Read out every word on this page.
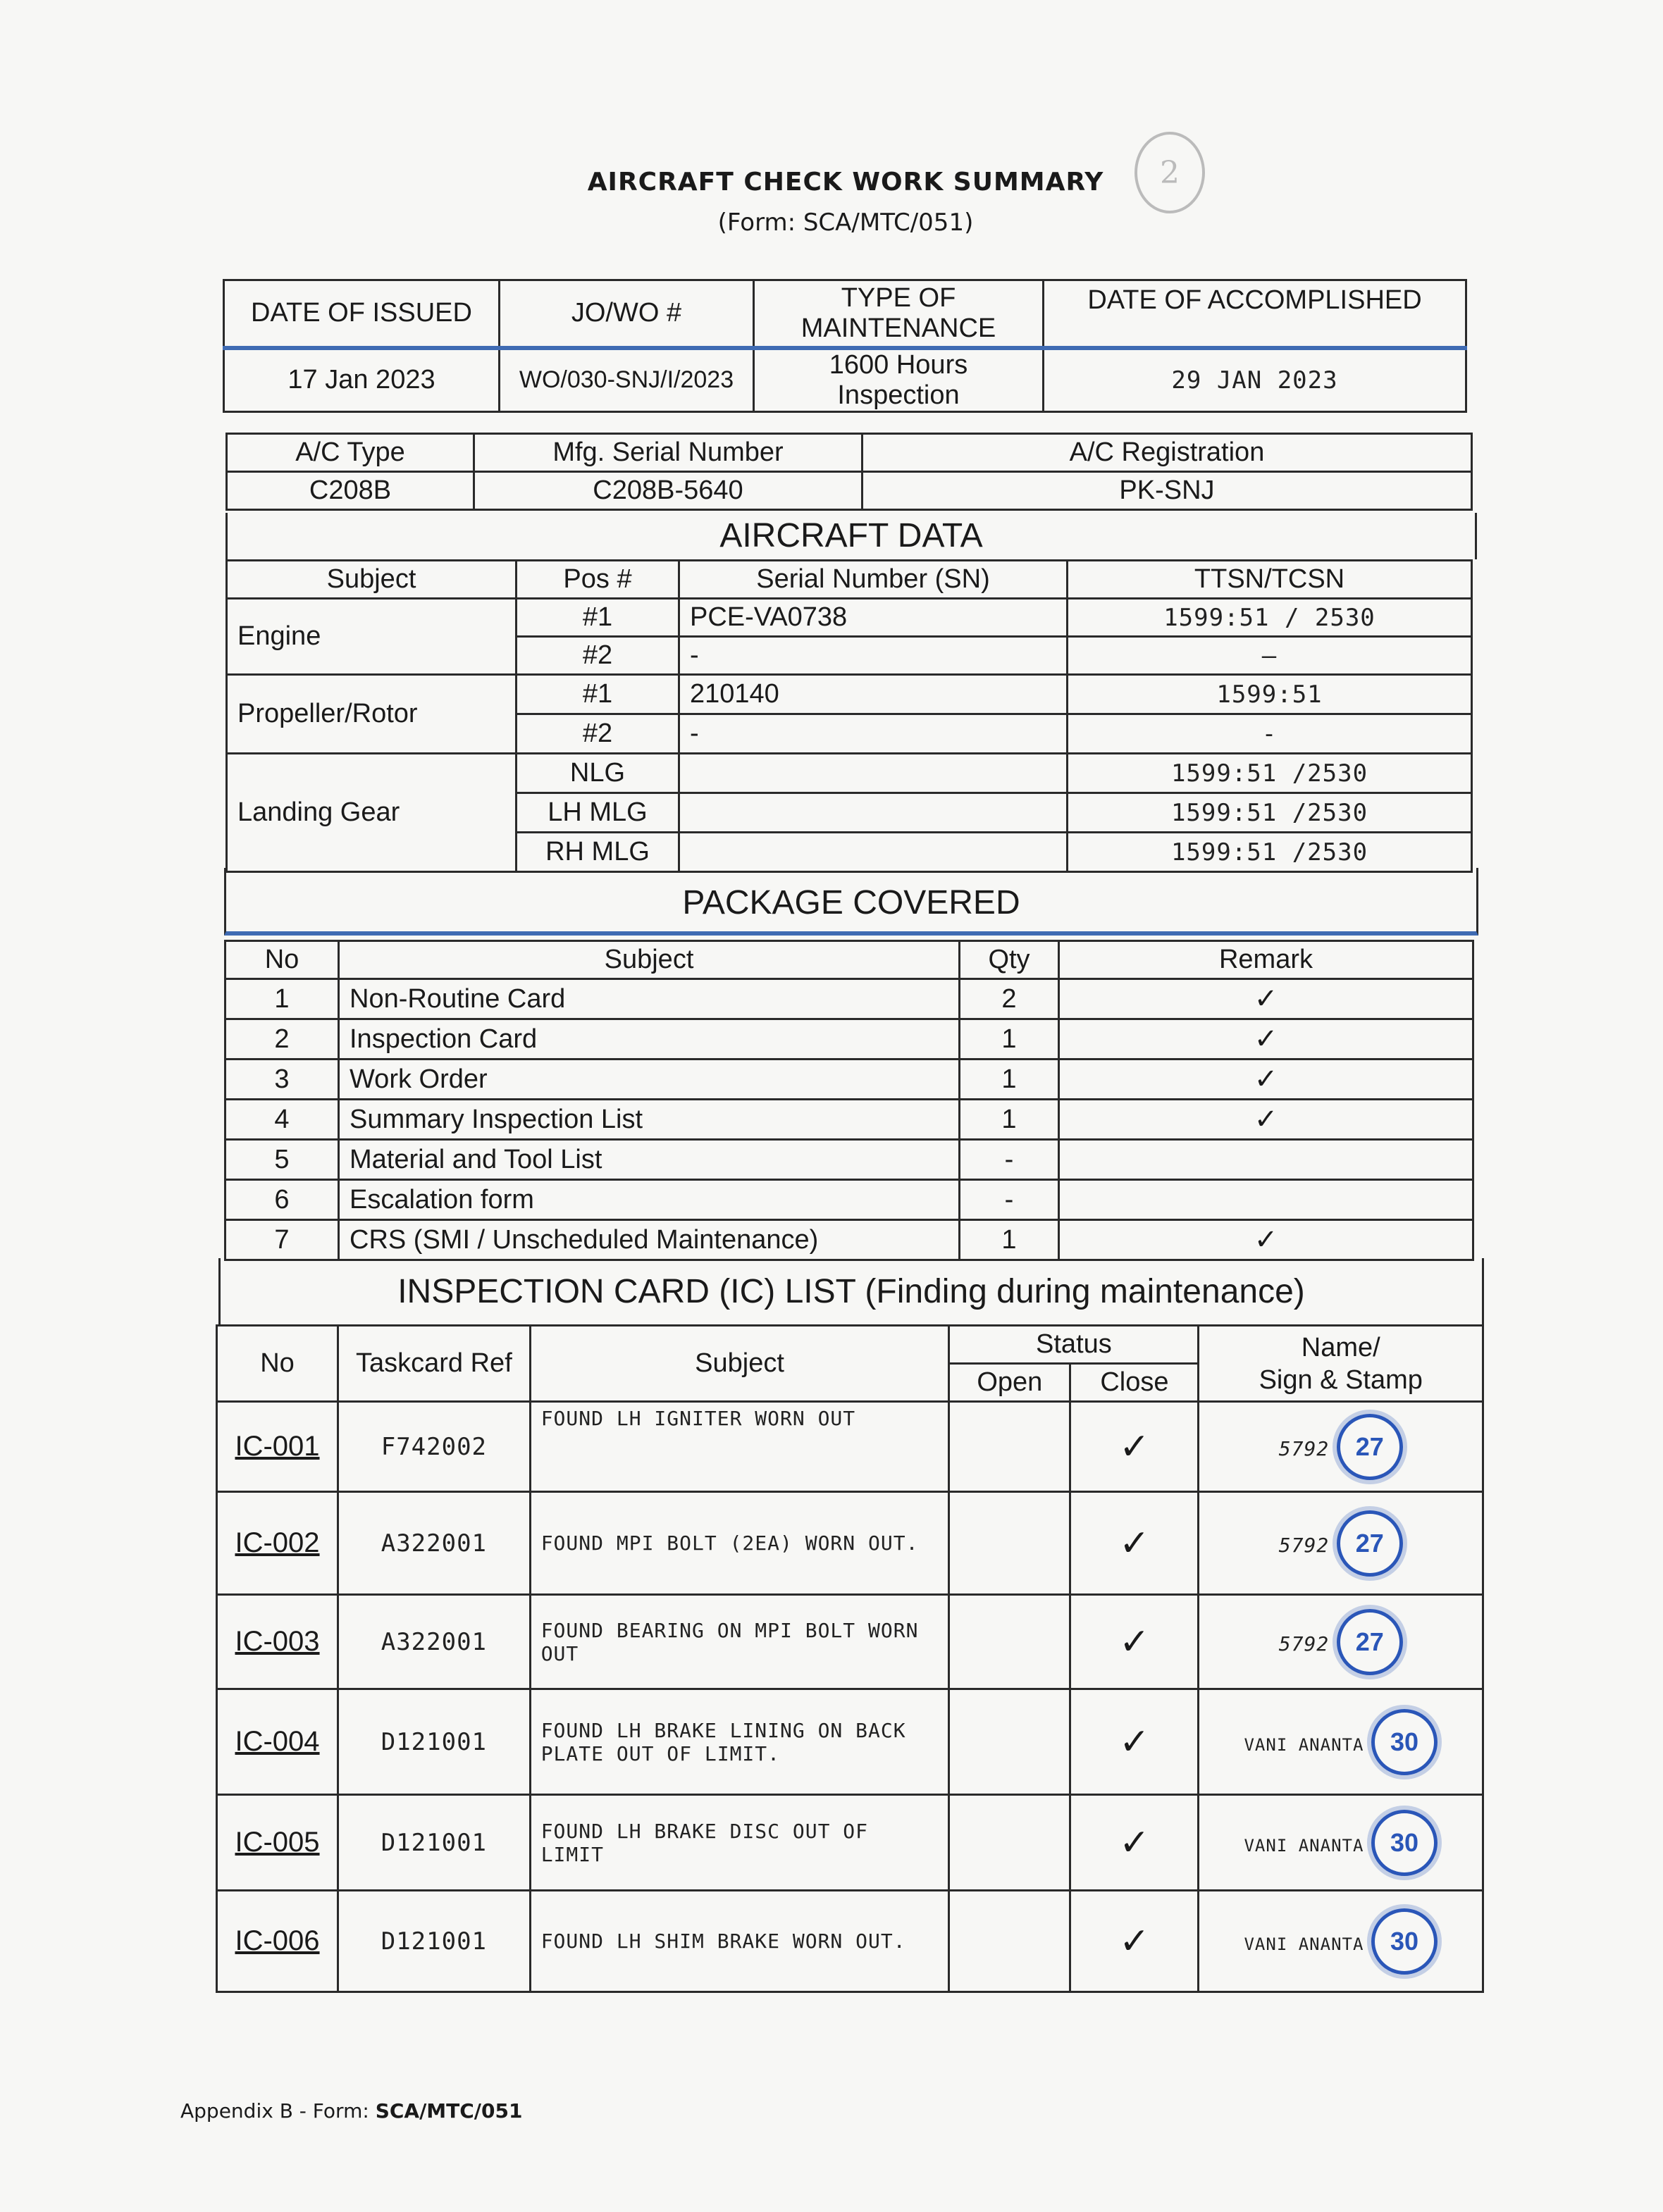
AIRCRAFT CHECK WORK SUMMARY
(Form: SCA/MTC/051)
2
DATE OF ISSUED	JO/WO #	TYPE OF MAINTENANCE	DATE OF ACCOMPLISHED
17 Jan 2023	WO/030-SNJ/I/2023	1600 Hours Inspection	29 JAN 2023
A/C Type	Mfg. Serial Number	A/C Registration
C208B	C208B-5640	PK-SNJ
AIRCRAFT DATA
Subject	Pos #	Serial Number (SN)	TTSN/TCSN
Engine	#1	PCE-VA0738	1599:51 / 2530
	#2	-	—
Propeller/Rotor	#1	210140	1599:51
	#2	-	-
Landing Gear	NLG		1599:51 /2530
	LH MLG		1599:51 /2530
	RH MLG		1599:51 /2530
PACKAGE COVERED
No	Subject	Qty	Remark
1	Non-Routine Card	2	✓
2	Inspection Card	1	✓
3	Work Order	1	✓
4	Summary Inspection List	1	✓
5	Material and Tool List	-	
6	Escalation form	-	
7	CRS (SMI / Unscheduled Maintenance)	1	✓
INSPECTION CARD (IC) LIST (Finding during maintenance)
No	Taskcard Ref	Subject	Status		Name/
Sign & Stamp
			Open	Close	
IC-001	F742002	FOUND LH IGNITER WORN OUT		✓	5792 27
IC-002	A322001	FOUND MPI BOLT (2EA) WORN OUT.		✓	5792 27
IC-003	A322001	FOUND BEARING ON MPI BOLT WORN OUT		✓	5792 27
IC-004	D121001	FOUND LH BRAKE LINING ON BACK PLATE OUT OF LIMIT.		✓	VANI ANANTA 30
IC-005	D121001	FOUND LH BRAKE DISC OUT OF LIMIT		✓	VANI ANANTA 30
IC-006	D121001	FOUND LH SHIM BRAKE WORN OUT.		✓	VANI ANANTA 30
Appendix B - Form: SCA/MTC/051
